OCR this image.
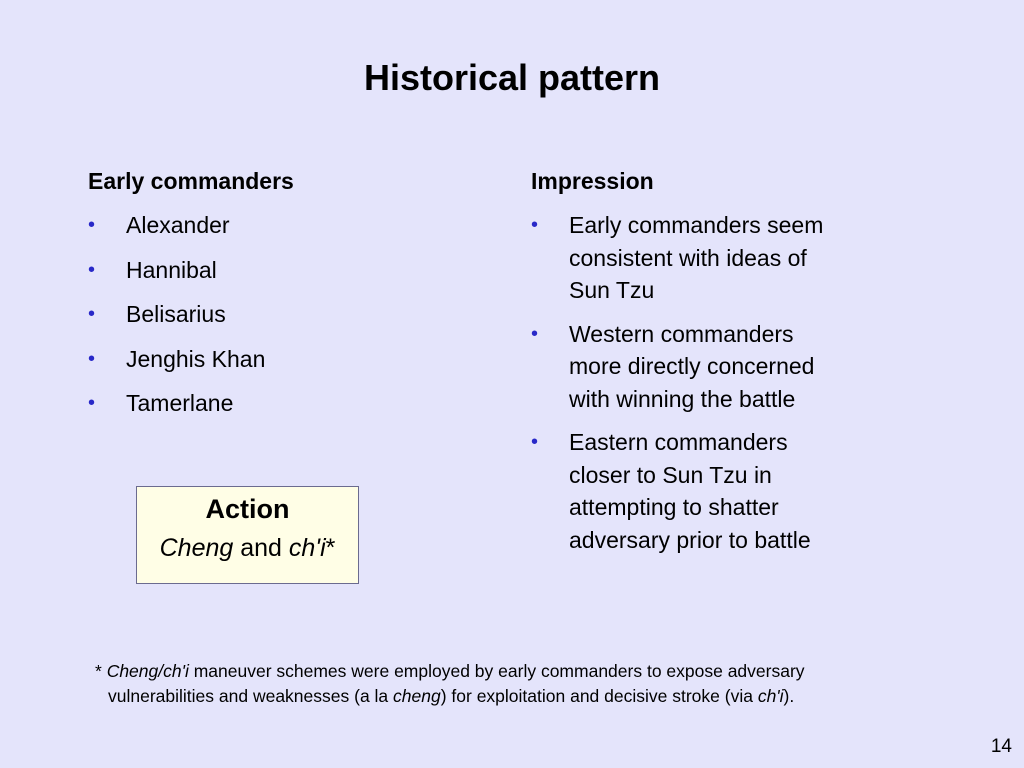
Historical pattern
Early commanders
• Alexander
• Hannibal
• Belisarius
• Jenghis Khan
• Tamerlane
Impression
• Early commanders seem
consistent with ideas of
Sun Tzu
• Western commanders
more directly concerned
with winning the battle
• Eastern commanders
closer to Sun Tzu in
attempting to shatter
adversary prior to battle
Action
Cheng and ch'i*
* Cheng/ch'i maneuver schemes were employed by early commanders to expose adversary
vulnerabilities and weaknesses (a la cheng) for exploitation and decisive stroke (via ch'i).
14
